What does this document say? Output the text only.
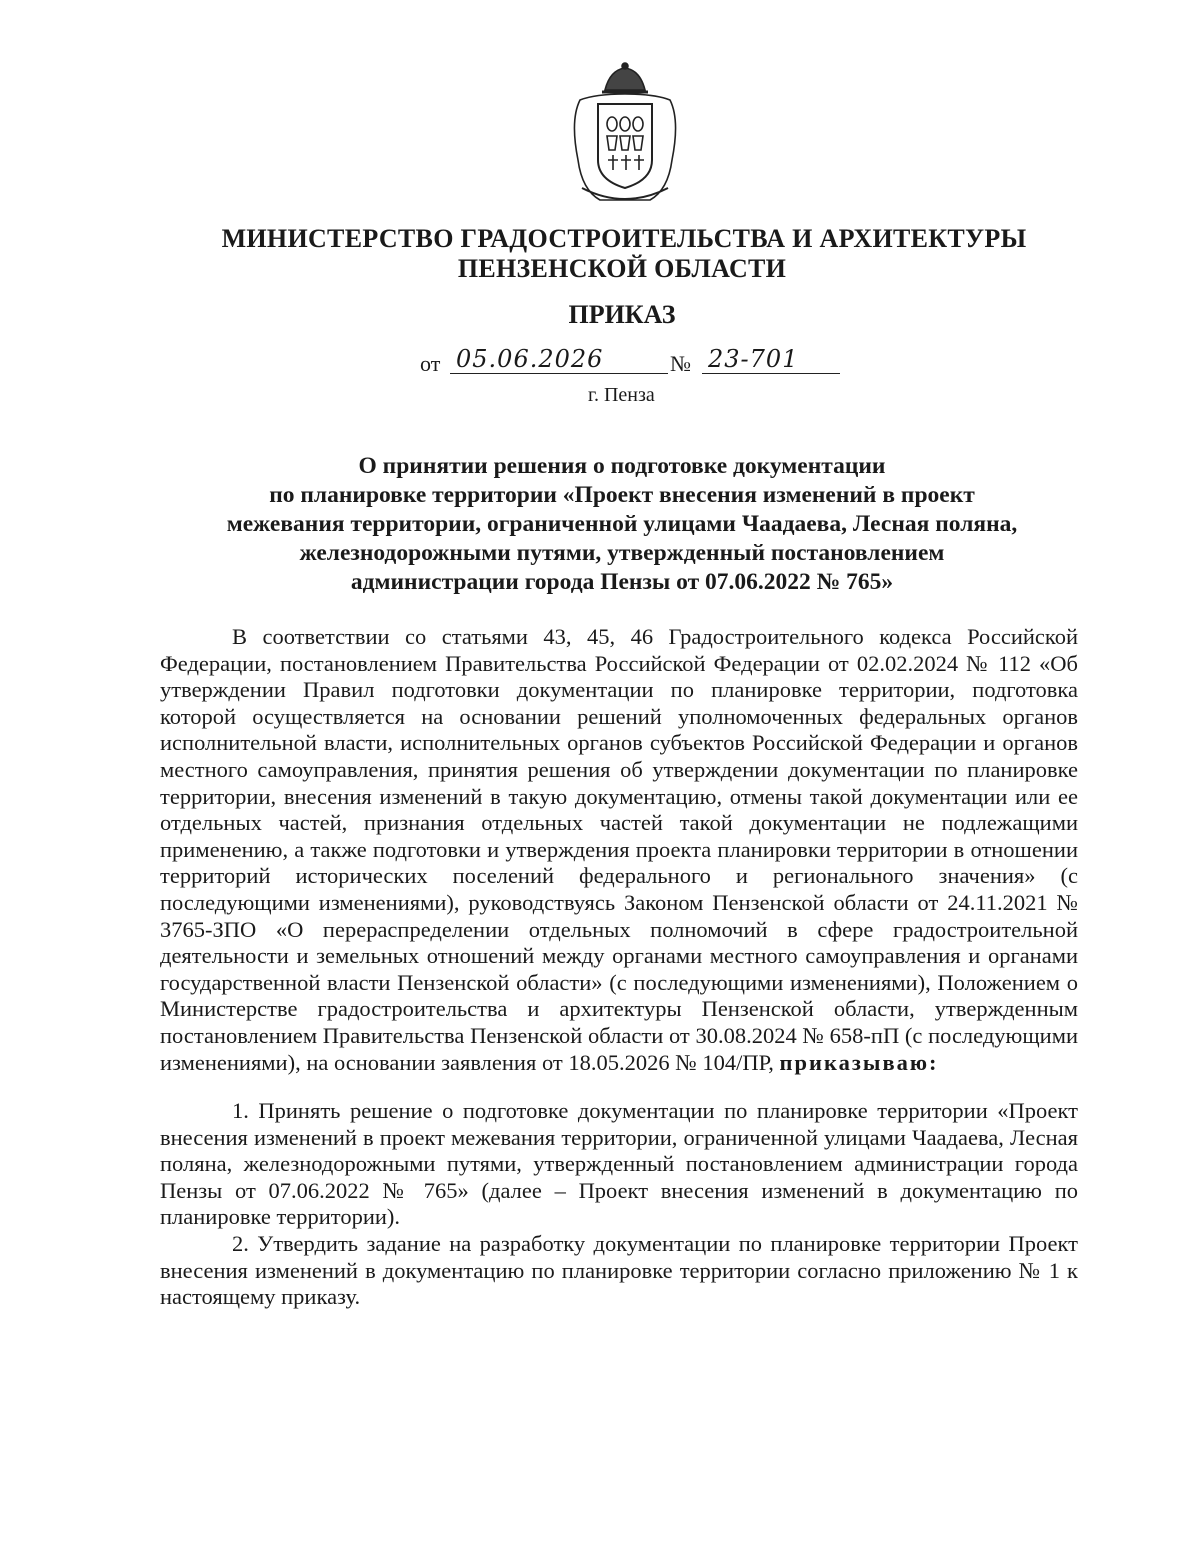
МИНИСТЕРСТВО ГРАДОСТРОИТЕЛЬСТВА И АРХИТЕКТУРЫ
ПЕНЗЕНСКОЙ ОБЛАСТИ
ПРИКАЗ
от 05.06.2026	№ 23-701
г. Пенза
О принятии решения о подготовке документации
по планировке территории «Проект внесения изменений в проект
межевания территории, ограниченной улицами Чаадаева, Лесная поляна,
железнодорожными путями, утвержденный постановлением
администрации города Пензы от 07.06.2022 № 765»

В соответствии со статьями 43, 45, 46 Градостроительного кодекса Российской Федерации, постановлением Правительства Российской Федерации от 02.02.2024 № 112 «Об утверждении Правил подготовки документации по планировке территории, подготовка которой осуществляется на основании решений уполномоченных федеральных органов исполнительной власти, исполнительных органов субъектов Российской Федерации и органов местного самоуправления, принятия решения об утверждении документации по планировке территории, внесения изменений в такую документацию, отмены такой документации или ее отдельных частей, признания отдельных частей такой документации не подлежащими применению, а также подготовки и утверждения проекта планировки территории в отношении территорий исторических поселений федерального и регионального значения» (с последующими изменениями), руководствуясь Законом Пензенской области от 24.11.2021 № 3765-ЗПО «О перераспределении отдельных полномочий в сфере градостроительной деятельности и земельных отношений между органами местного самоуправления и органами государственной власти Пензенской области» (с последующими изменениями), Положением о Министерстве градостроительства и архитектуры Пензенской области, утвержденным постановлением Правительства Пензенской области от 30.08.2024 № 658-пП (с последующими изменениями), на основании заявления от 18.05.2026 № 104/ПР, приказываю:

1. Принять решение о подготовке документации по планировке территории «Проект внесения изменений в проект межевания территории, ограниченной улицами Чаадаева, Лесная поляна, железнодорожными путями, утвержденный постановлением администрации города Пензы от 07.06.2022 № 765» (далее – Проект внесения изменений в документацию по планировке территории).

2. Утвердить задание на разработку документации по планировке территории Проект внесения изменений в документацию по планировке территории согласно приложению № 1 к настоящему приказу.
